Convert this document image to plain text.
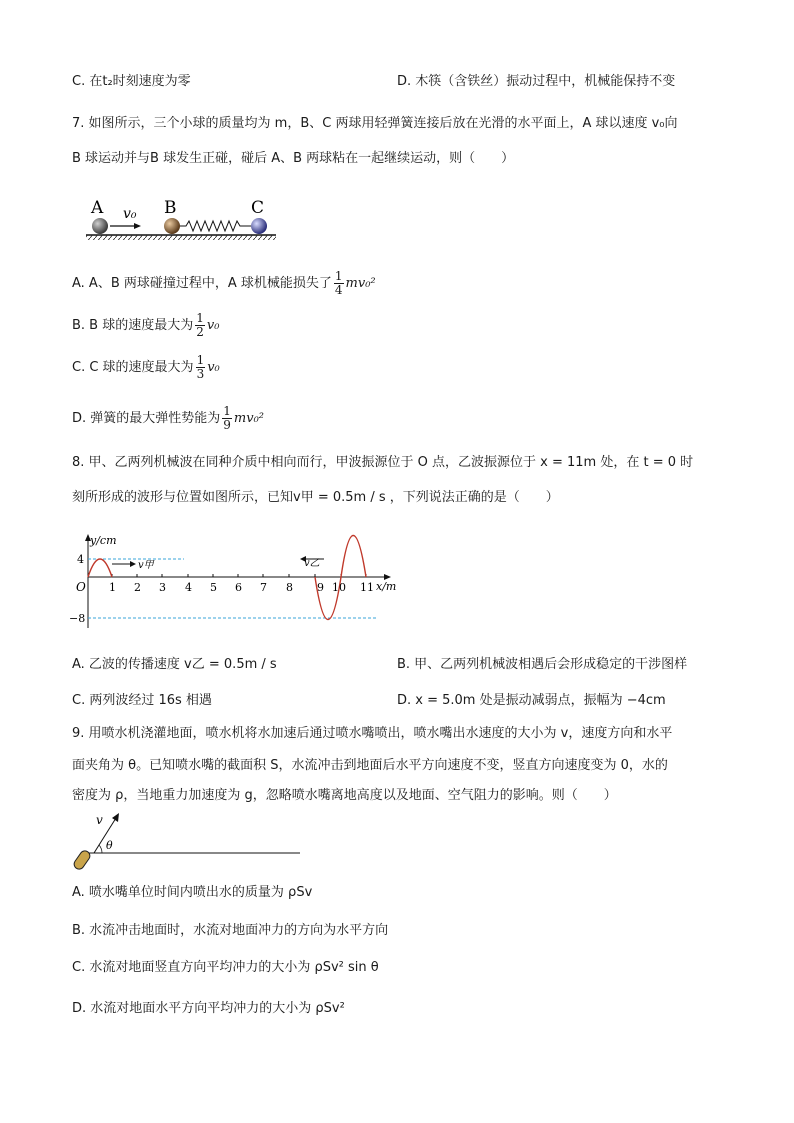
C. 在t₂时刻速度为零	D. 木筷（含铁丝）振动过程中，机械能保持不变
7. 如图所示，三个小球的质量均为 m，B、C 两球用轻弹簧连接后放在光滑的水平面上，A 球以速度 v₀向
B 球运动并与B 球发生正碰，碰后 A、B 两球粘在一起继续运动，则（　　）
A v₀ B	C
A. A、B 两球碰撞过程中，A 球机械能损失了 $\frac{1}{4} mv_0^2$
B. B 球的速度最大为 $\frac{1}{2} v_0$
C. C 球的速度最大为 $\frac{1}{3} v_0$
D. 弹簧的最大弹性势能为 $\frac{1}{9} mv_0^2$
8. 甲、乙两列机械波在同种介质中相向而行，甲波振源位于 O 点，乙波振源位于 x = 11m 处，在 t = 0 时
刻所形成的波形与位置如图所示，已知v甲 = 0.5m / s ，下列说法正确的是（　　）
y/cm
x/m
O
4
−8
v甲	v乙
1 2 3 4 5 6 7 8 9 10 11
A. 乙波的传播速度 v乙 = 0.5m / s	B. 甲、乙两列机械波相遇后会形成稳定的干涉图样
C. 两列波经过 16s 相遇	D. x = 5.0m 处是振动减弱点，振幅为 −4cm
9. 用喷水机浇灌地面，喷水机将水加速后通过喷水嘴喷出，喷水嘴出水速度的大小为 v，速度方向和水平
面夹角为 θ。已知喷水嘴的截面积 S，水流冲击到地面后水平方向速度不变，竖直方向速度变为 0，水的
密度为 ρ，当地重力加速度为 g，忽略喷水嘴离地高度以及地面、空气阻力的影响。则（　　）
v
θ
A. 喷水嘴单位时间内喷出水的质量为 ρSv
B. 水流冲击地面时，水流对地面冲力的方向为水平方向
C. 水流对地面竖直方向平均冲力的大小为 ρSv² sin θ
D. 水流对地面水平方向平均冲力的大小为 ρSv²
